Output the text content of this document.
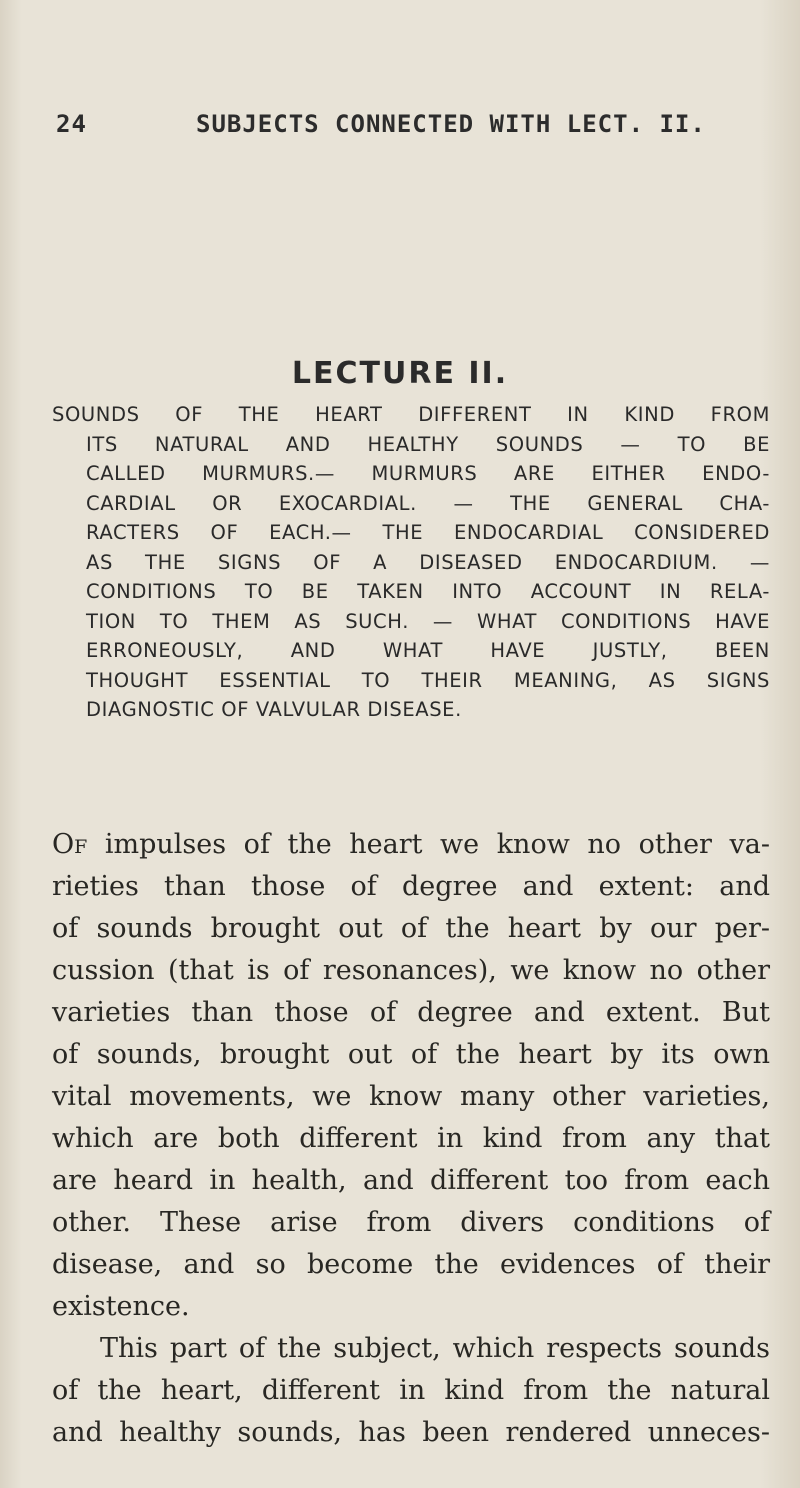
24	SUBJECTS CONNECTED WITH LECT. II.
LECTURE II.
SOUNDS OF THE HEART DIFFERENT IN KIND FROM
ITS NATURAL AND HEALTHY SOUNDS — TO BE
CALLED MURMURS.— MURMURS ARE EITHER ENDO-
CARDIAL OR EXOCARDIAL. — THE GENERAL CHA-
RACTERS OF EACH.— THE ENDOCARDIAL CONSIDERED
AS THE SIGNS OF A DISEASED ENDOCARDIUM. —
CONDITIONS TO BE TAKEN INTO ACCOUNT IN RELA-
TION TO THEM AS SUCH. — WHAT CONDITIONS HAVE
ERRONEOUSLY, AND WHAT HAVE JUSTLY, BEEN
THOUGHT ESSENTIAL TO THEIR MEANING, AS SIGNS
DIAGNOSTIC OF VALVULAR DISEASE.
Of impulses of the heart we know no other va-
rieties than those of degree and extent: and
of sounds brought out of the heart by our per-
cussion (that is of resonances), we know no other
varieties than those of degree and extent. But
of sounds, brought out of the heart by its own
vital movements, we know many other varieties,
which are both different in kind from any that
are heard in health, and different too from each
other. These arise from divers conditions of
disease, and so become the evidences of their
existence.
This part of the subject, which respects sounds
of the heart, different in kind from the natural
and healthy sounds, has been rendered unneces-
